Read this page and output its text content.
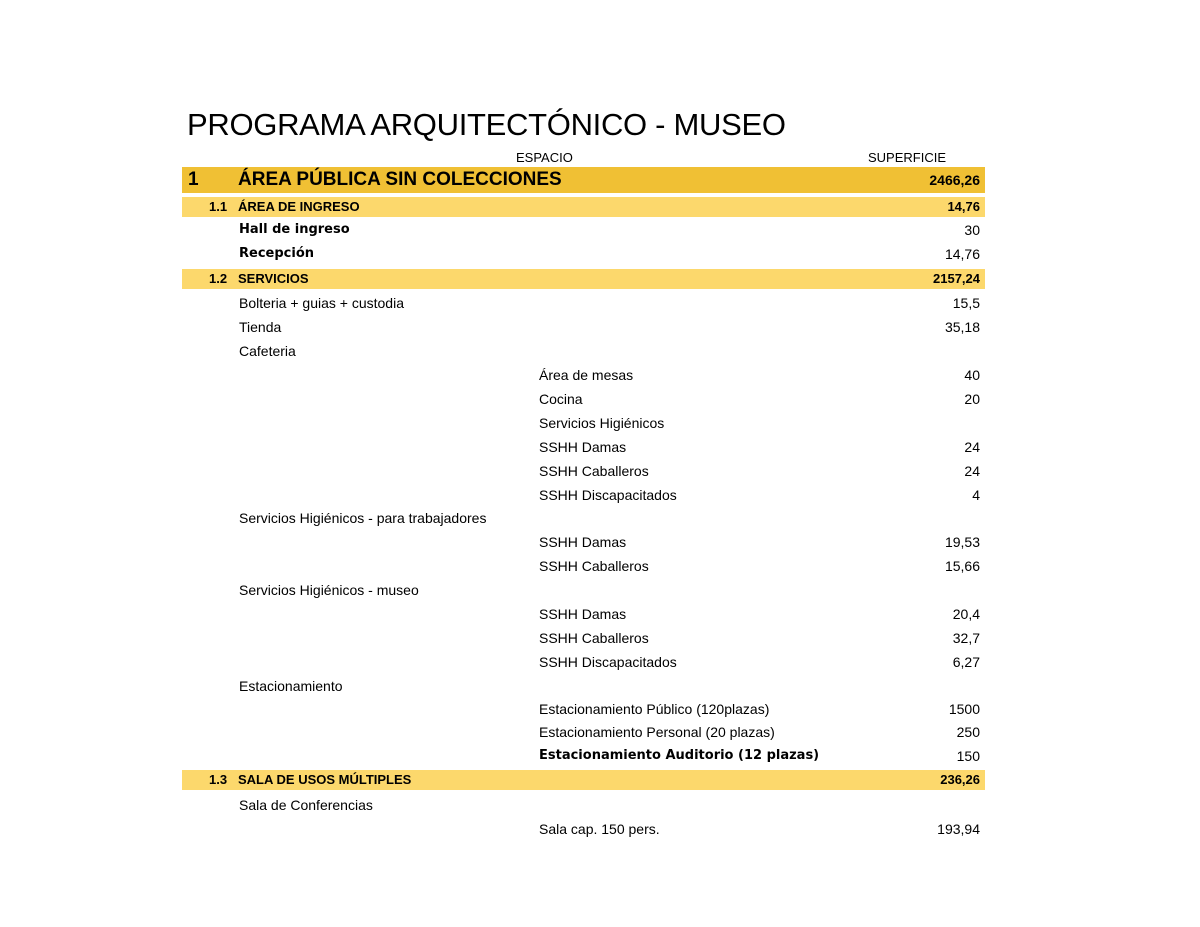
PROGRAMA ARQUITECTÓNICO - MUSEO
ESPACIO	SUPERFICIE
1 ÁREA PÚBLICA SIN COLECCIONES	2466,26
1.1 ÁREA DE INGRESO	14,76
Hall de ingreso	30
Recepción	14,76
1.2 SERVICIOS	2157,24
Bolteria + guias + custodia	15,5
Tienda	35,18
Cafeteria
Área de mesas	40
Cocina	20
Servicios Higiénicos
SSHH Damas	24
SSHH Caballeros	24
SSHH Discapacitados	4
Servicios Higiénicos - para trabajadores
SSHH Damas	19,53
SSHH Caballeros	15,66
Servicios Higiénicos - museo
SSHH Damas	20,4
SSHH Caballeros	32,7
SSHH Discapacitados	6,27
Estacionamiento
Estacionamiento Público (120plazas)	1500
Estacionamiento Personal (20 plazas)	250
Estacionamiento Auditorio (12 plazas)	150
1.3 SALA DE USOS MÚLTIPLES	236,26
Sala de Conferencias
Sala cap. 150 pers.	193,94
